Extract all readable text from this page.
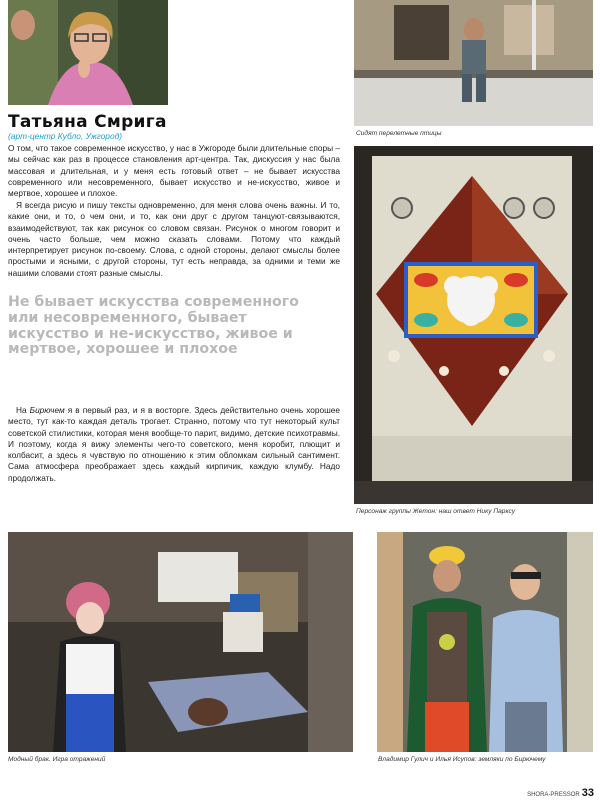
Татьяна Смрига

(арт-центр Кубло, Ужгород)

О том, что такое современное искусство, у нас в Ужгороде были длительные споры – мы сейчас как раз в процессе становления арт-центра. Так, дискуссия у нас была массовая и длительная, и у меня есть готовый ответ – не бывает искусства современного или несовременного, бывает искусство и не-искусство, живое и мертвое, хорошее и плохое.

Я всегда рисую и пишу тексты одновременно, для меня слова очень важны. И то, какие они, и то, о чем они, и то, как они друг с другом танцуют-связываются, взаимодействуют, так как рисунок со словом связан. Рисунок о многом говорит и очень часто больше, чем можно сказать словами. Потому что каждый интерпретирует рисунок по-своему. Слова, с одной стороны, делают смыслы более простыми и ясными, с другой стороны, тут есть неправда, за одними и теми же нашими словами стоят разные смыслы.

Не бывает искусства современного или несовременного, бывает искусство и не-искусство, живое и мертвое, хорошее и плохое

На Бирючем я в первый раз, и я в восторге. Здесь действительно очень хорошее место, тут как-то каждая деталь трогает. Странно, потому что тут некоторый культ советской стилистики, которая меня вообще-то парит, видимо, детские психотравмы. И поэтому, когда я вижу элементы чего-то советского, меня коробит, плющит и колбасит, а здесь я чувствую по отношению к этим обломкам сильный сантимент. Сама атмосфера преображает здесь каждый кирпичик, каждую клумбу. Надо продолжать.

Сидят перелетные птицы
Персонаж группы Жетон: наш ответ Нику Парксу
Модный брак. Игра отражений	Владимир Гулич и Илья Исупов: земляки по Бирючему
SHORA-PRESSOR 33
